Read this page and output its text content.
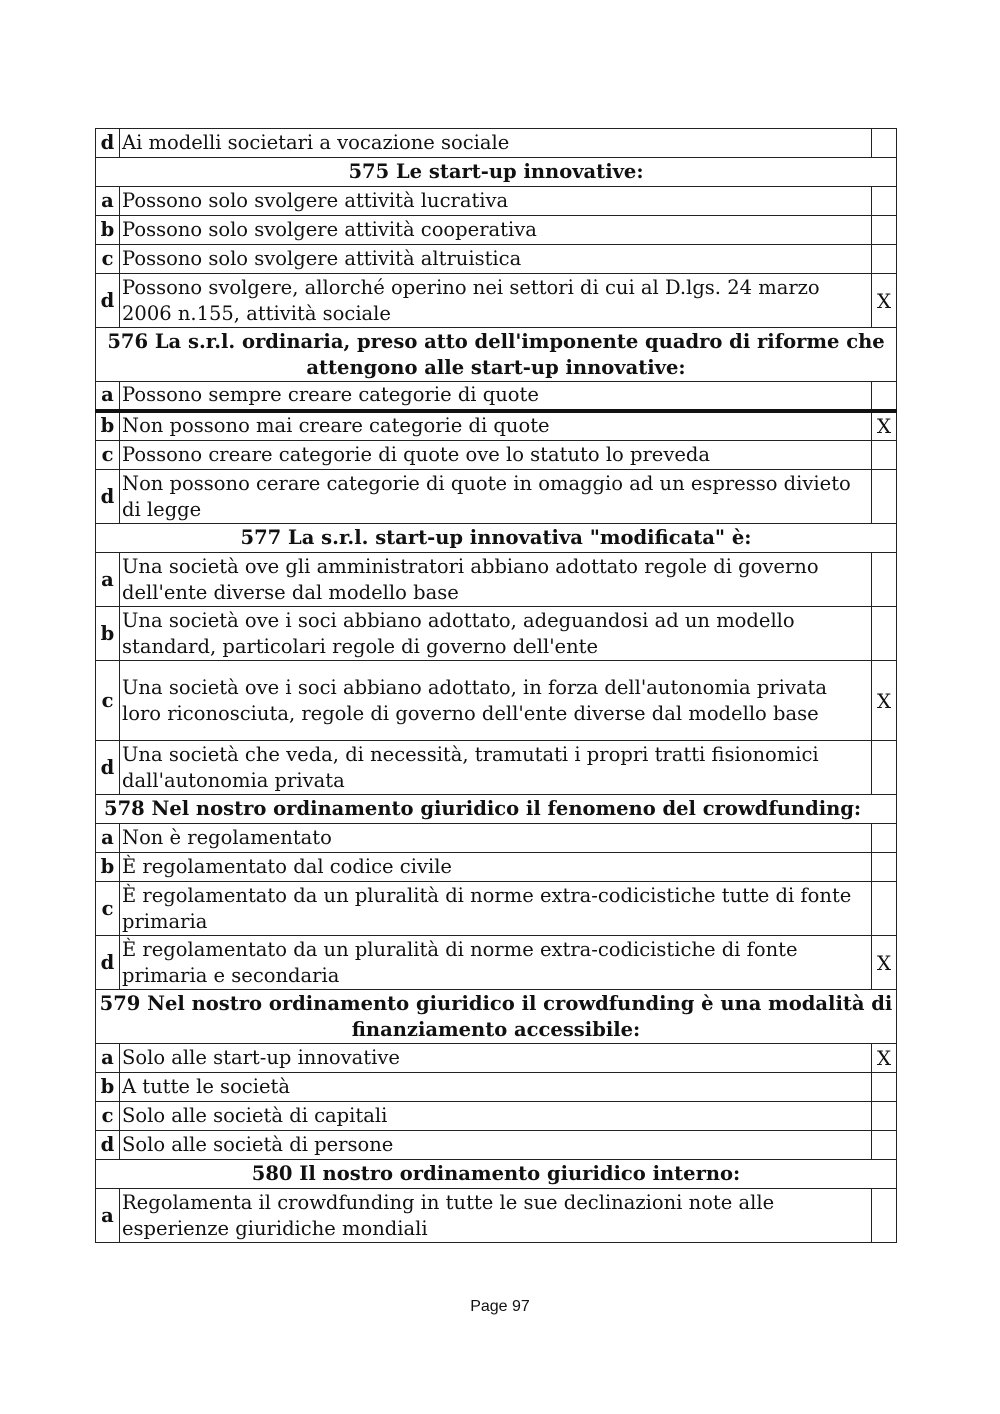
d	Ai modelli societari a vocazione sociale	
575 Le start-up innovative:		
a	Possono solo svolgere attività lucrativa	
b	Possono solo svolgere attività cooperativa	
c	Possono solo svolgere attività altruistica	
d	Possono svolgere, allorché operino nei settori di cui al D.lgs. 24 marzo 2006 n.155, attività sociale	X
576 La s.r.l. ordinaria, preso atto dell'imponente quadro di riforme che attengono alle start-up innovative:		
a	Possono sempre creare categorie di quote	
b	Non possono mai creare categorie di quote	X
c	Possono creare categorie di quote ove lo statuto lo preveda	
d	Non possono cerare categorie di quote in omaggio ad un espresso divieto di legge	
577 La s.r.l. start-up innovativa "modificata" è:		
a	Una società ove gli amministratori abbiano adottato regole di governo dell'ente diverse dal modello base	
b	Una società ove i soci abbiano adottato, adeguandosi ad un modello standard, particolari regole di governo dell'ente	
c	Una società ove i soci abbiano adottato, in forza dell'autonomia privata loro riconosciuta, regole di governo dell'ente diverse dal modello base	X
d	Una società che veda, di necessità, tramutati i propri tratti fisionomici dall'autonomia privata	
578 Nel nostro ordinamento giuridico il fenomeno del crowdfunding:		
a	Non è regolamentato	
b	È regolamentato dal codice civile	
c	È regolamentato da un pluralità di norme extra-codicistiche tutte di fonte primaria	
d	È regolamentato da un pluralità di norme extra-codicistiche di fonte primaria e secondaria	X
579 Nel nostro ordinamento giuridico il crowdfunding è una modalità di finanziamento accessibile:		
a	Solo alle start-up innovative	X
b	A tutte le società	
c	Solo alle società di capitali	
d	Solo alle società di persone	
580 Il nostro ordinamento giuridico interno:		
a	Regolamenta il crowdfunding in tutte le sue declinazioni note alle esperienze giuridiche mondiali	
Page 97
